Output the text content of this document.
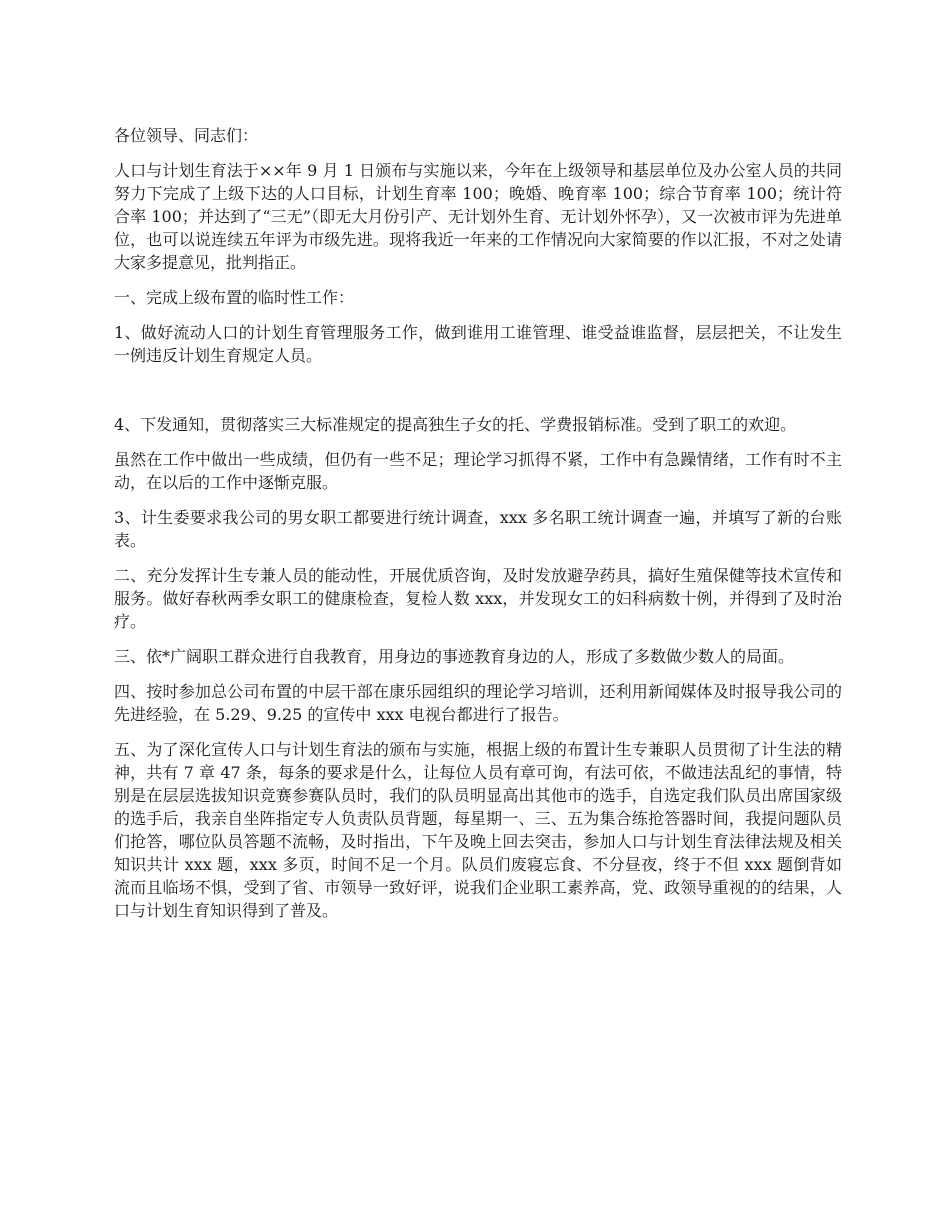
各位领导、同志们：

人口与计划生育法于××年 9 月 1 日颁布与实施以来，今年在上级领导和基层单位及办公室人员的共同努力下完成了上级下达的人口目标，计划生育率 100；晚婚、晚育率 100；综合节育率 100；统计符合率 100；并达到了“三无”（即无大月份引产、无计划外生育、无计划外怀孕），又一次被市评为先进单位，也可以说连续五年评为市级先进。现将我近一年来的工作情况向大家简要的作以汇报，不对之处请大家多提意见，批判指正。

一、完成上级布置的临时性工作：

1、做好流动人口的计划生育管理服务工作，做到谁用工谁管理、谁受益谁监督，层层把关，不让发生一例违反计划生育规定人员。

4、下发通知，贯彻落实三大标准规定的提高独生子女的托、学费报销标准。受到了职工的欢迎。

虽然在工作中做出一些成绩，但仍有一些不足；理论学习抓得不紧，工作中有急躁情绪，工作有时不主动，在以后的工作中逐惭克服。

3、计生委要求我公司的男女职工都要进行统计调查，xxx 多名职工统计调查一遍，并填写了新的台账表。

二、充分发挥计生专兼人员的能动性，开展优质咨询，及时发放避孕药具，搞好生殖保健等技术宣传和服务。做好春秋两季女职工的健康检查，复检人数 xxx，并发现女工的妇科病数十例，并得到了及时治疗。

三、依*广阔职工群众进行自我教育，用身边的事迹教育身边的人，形成了多数做少数人的局面。

四、按时参加总公司布置的中层干部在康乐园组织的理论学习培训，还利用新闻媒体及时报导我公司的先进经验，在 5.29、9.25 的宣传中 xxx 电视台都进行了报告。

五、为了深化宣传人口与计划生育法的颁布与实施，根据上级的布置计生专兼职人员贯彻了计生法的精神，共有 7 章 47 条，每条的要求是什么，让每位人员有章可询，有法可依，不做违法乱纪的事情，特别是在层层选拔知识竞赛参赛队员时，我们的队员明显高出其他市的选手，自选定我们队员出席国家级的选手后，我亲自坐阵指定专人负责队员背题，每星期一、三、五为集合练抢答器时间，我提问题队员们抢答，哪位队员答题不流畅，及时指出，下午及晚上回去突击，参加人口与计划生育法律法规及相关知识共计 xxx 题，xxx 多页，时间不足一个月。队员们废寝忘食、不分昼夜，终于不但 xxx 题倒背如流而且临场不惧，受到了省、市领导一致好评，说我们企业职工素养高，党、政领导重视的的结果，人口与计划生育知识得到了普及。
